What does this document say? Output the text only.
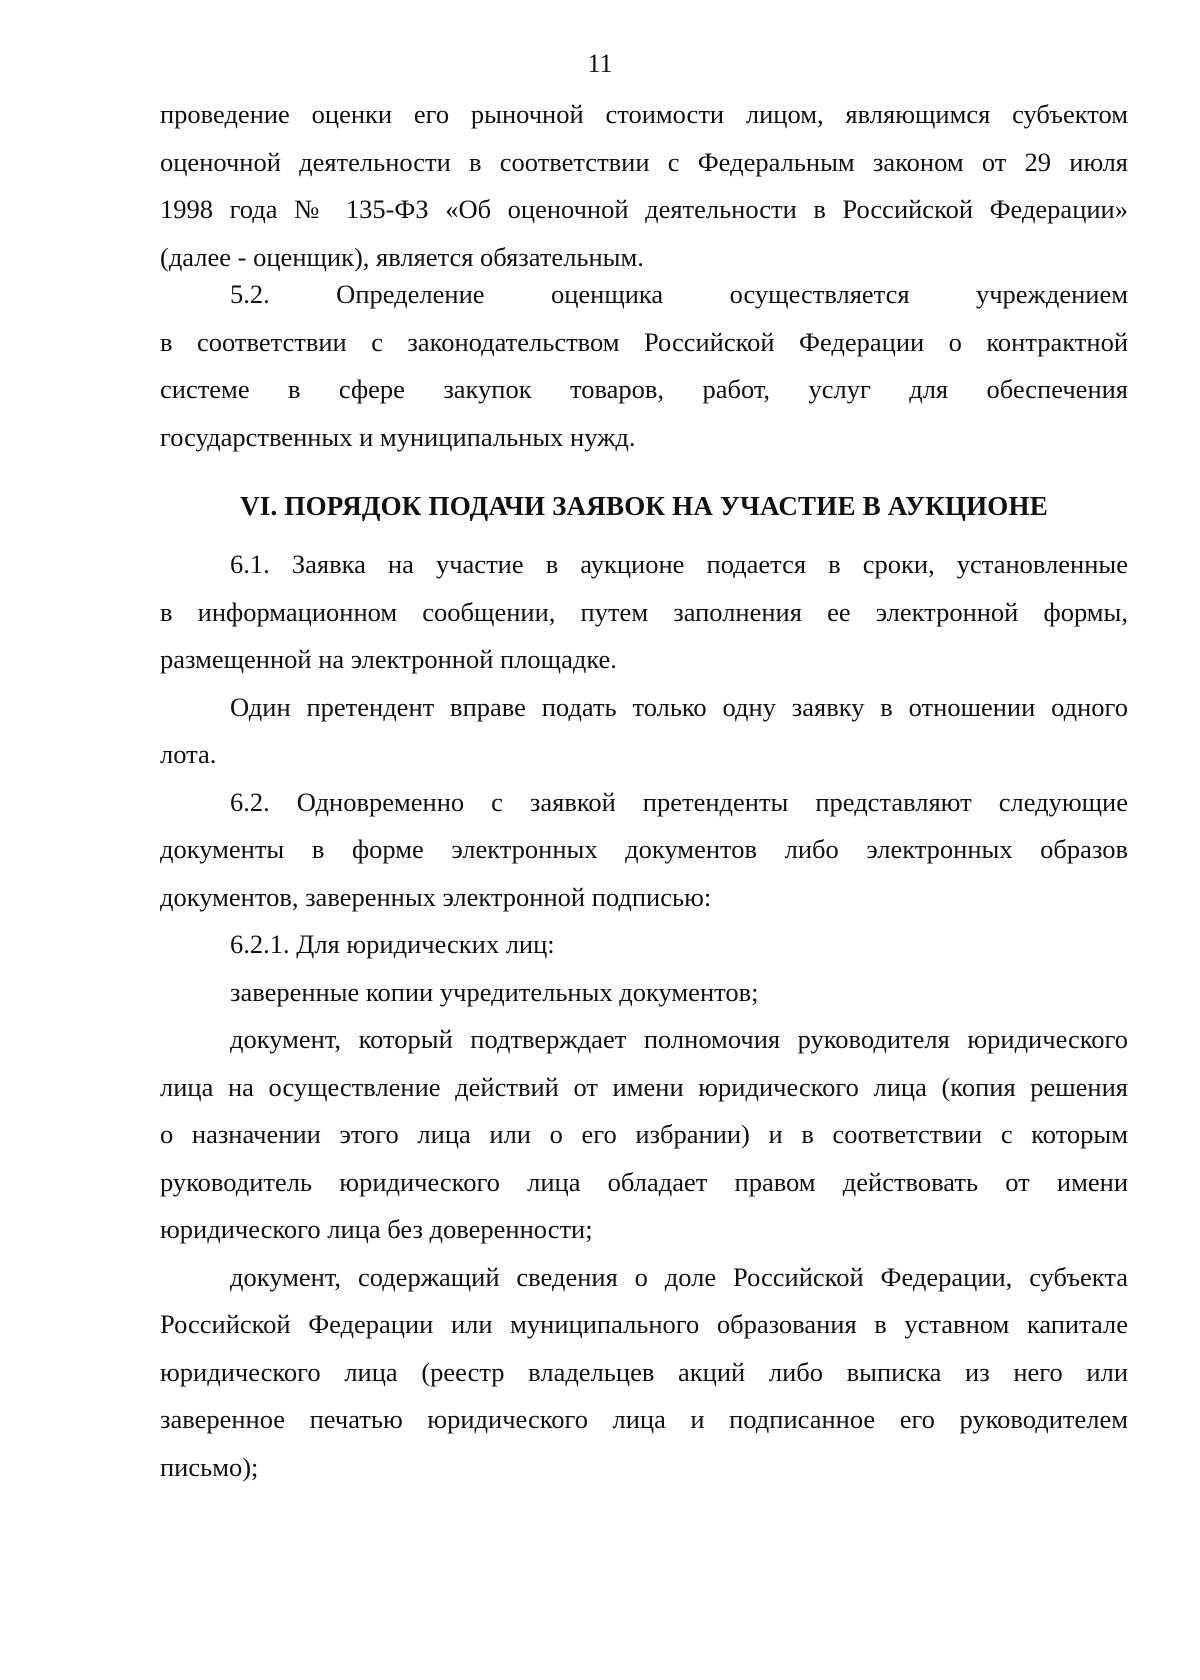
11
проведение оценки его рыночной стоимости лицом, являющимся субъектом
оценочной деятельности в соответствии с Федеральным законом от 29 июля
1998 года № 135-ФЗ «Об оценочной деятельности в Российской Федерации»
(далее - оценщик), является обязательным.
5.2. Определение оценщика осуществляется учреждением
в соответствии с законодательством Российской Федерации о контрактной
системе в сфере закупок товаров, работ, услуг для обеспечения
государственных и муниципальных нужд.
VI. ПОРЯДОК ПОДАЧИ ЗАЯВОК НА УЧАСТИЕ В АУКЦИОНЕ
6.1. Заявка на участие в аукционе подается в сроки, установленные
в информационном сообщении, путем заполнения ее электронной формы,
размещенной на электронной площадке.
Один претендент вправе подать только одну заявку в отношении одного
лота.
6.2. Одновременно с заявкой претенденты представляют следующие
документы в форме электронных документов либо электронных образов
документов, заверенных электронной подписью:
6.2.1. Для юридических лиц:
заверенные копии учредительных документов;
документ, который подтверждает полномочия руководителя юридического
лица на осуществление действий от имени юридического лица (копия решения
о назначении этого лица или о его избрании) и в соответствии с которым
руководитель юридического лица обладает правом действовать от имени
юридического лица без доверенности;
документ, содержащий сведения о доле Российской Федерации, субъекта
Российской Федерации или муниципального образования в уставном капитале
юридического лица (реестр владельцев акций либо выписка из него или
заверенное печатью юридического лица и подписанное его руководителем
письмо);
